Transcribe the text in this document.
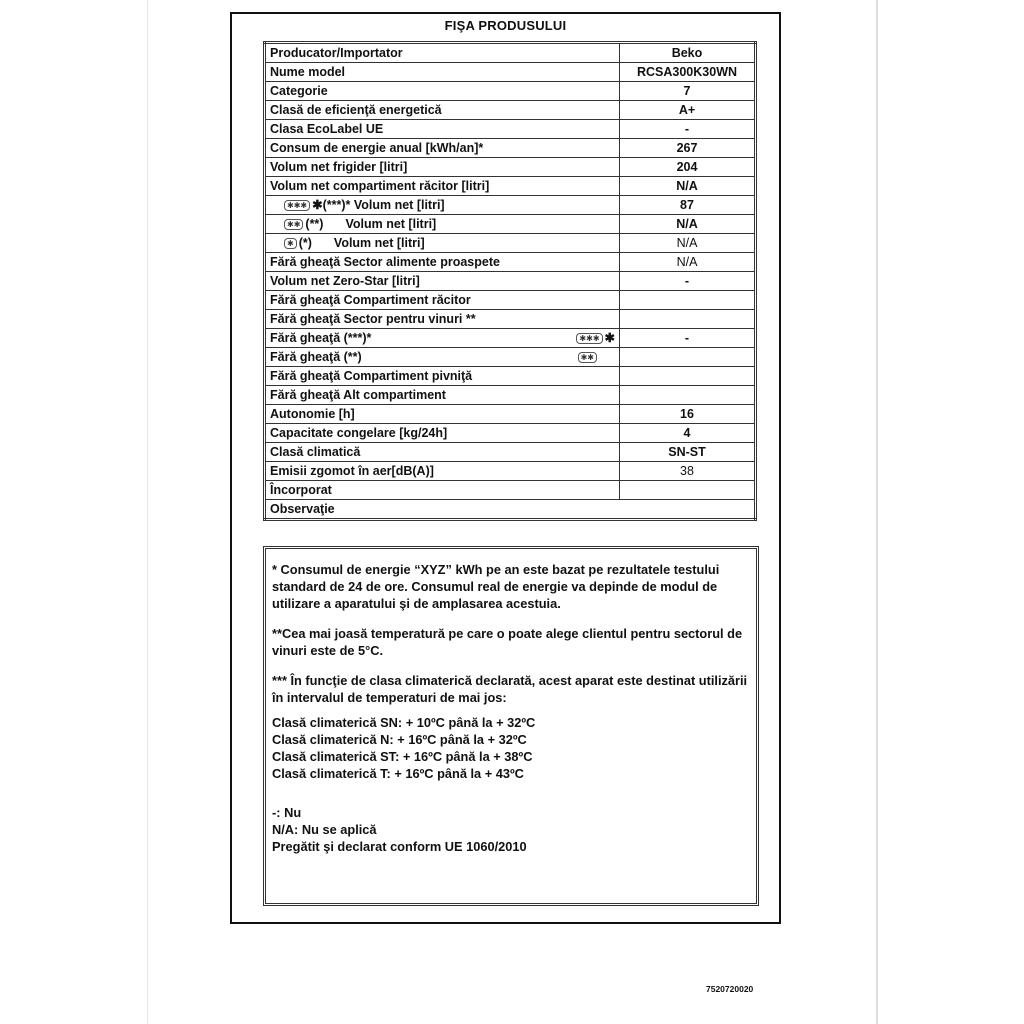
FIŞA PRODUSULUI
Producator/Importator	Beko
Nume model	RCSA300K30WN
Categorie	7
Clasă de eficienţă energetică	A+
Clasa EcoLabel UE	-
Consum de energie anual [kWh/an]*	267
Volum net frigider [litri]	204
Volum net compartiment răcitor [litri]	N/A
✱✱✱ ✱(***)* Volum net [litri]	87
✱✱ (**) Volum net [litri]	N/A
✱ (*) Volum net [litri]	N/A
Fără gheaţă Sector alimente proaspete	N/A
Volum net Zero-Star [litri]	-
Fără gheaţă Compartiment răcitor	
Fără gheaţă Sector pentru vinuri **	

Fără gheaţă (***)* ✱✱✱ ✱	-

Fără gheaţă (**) ✱✱	

Fără gheaţă Compartiment pivniţă	
Fără gheaţă Alt compartiment	
Autonomie [h]	16
Capacitate congelare [kg/24h]	4
Clasă climatică	SN-ST
Emisii zgomot în aer[dB(A)]	38
Încorporat	
Observaţie	

* Consumul de energie “XYZ” kWh pe an este bazat pe rezultatele testului standard de 24 de ore. Consumul real de energie va depinde de modul de utilizare a aparatului şi de amplasarea acestuia.

**Cea mai joasă temperatură pe care o poate alege clientul pentru sectorul de vinuri este de 5°C.

*** În funcţie de clasa climaterică declarată, acest aparat este destinat utilizării în intervalul de temperaturi de mai jos:

Clasă climaterică SN: + 10ºC până la + 32ºC

Clasă climaterică N: + 16ºC până la + 32ºC

Clasă climaterică ST: + 16ºC până la + 38ºC

Clasă climaterică T: + 16ºC până la + 43ºC

-: Nu

N/A: Nu se aplică

Pregătit şi declarat conform UE 1060/2010

7520720020
